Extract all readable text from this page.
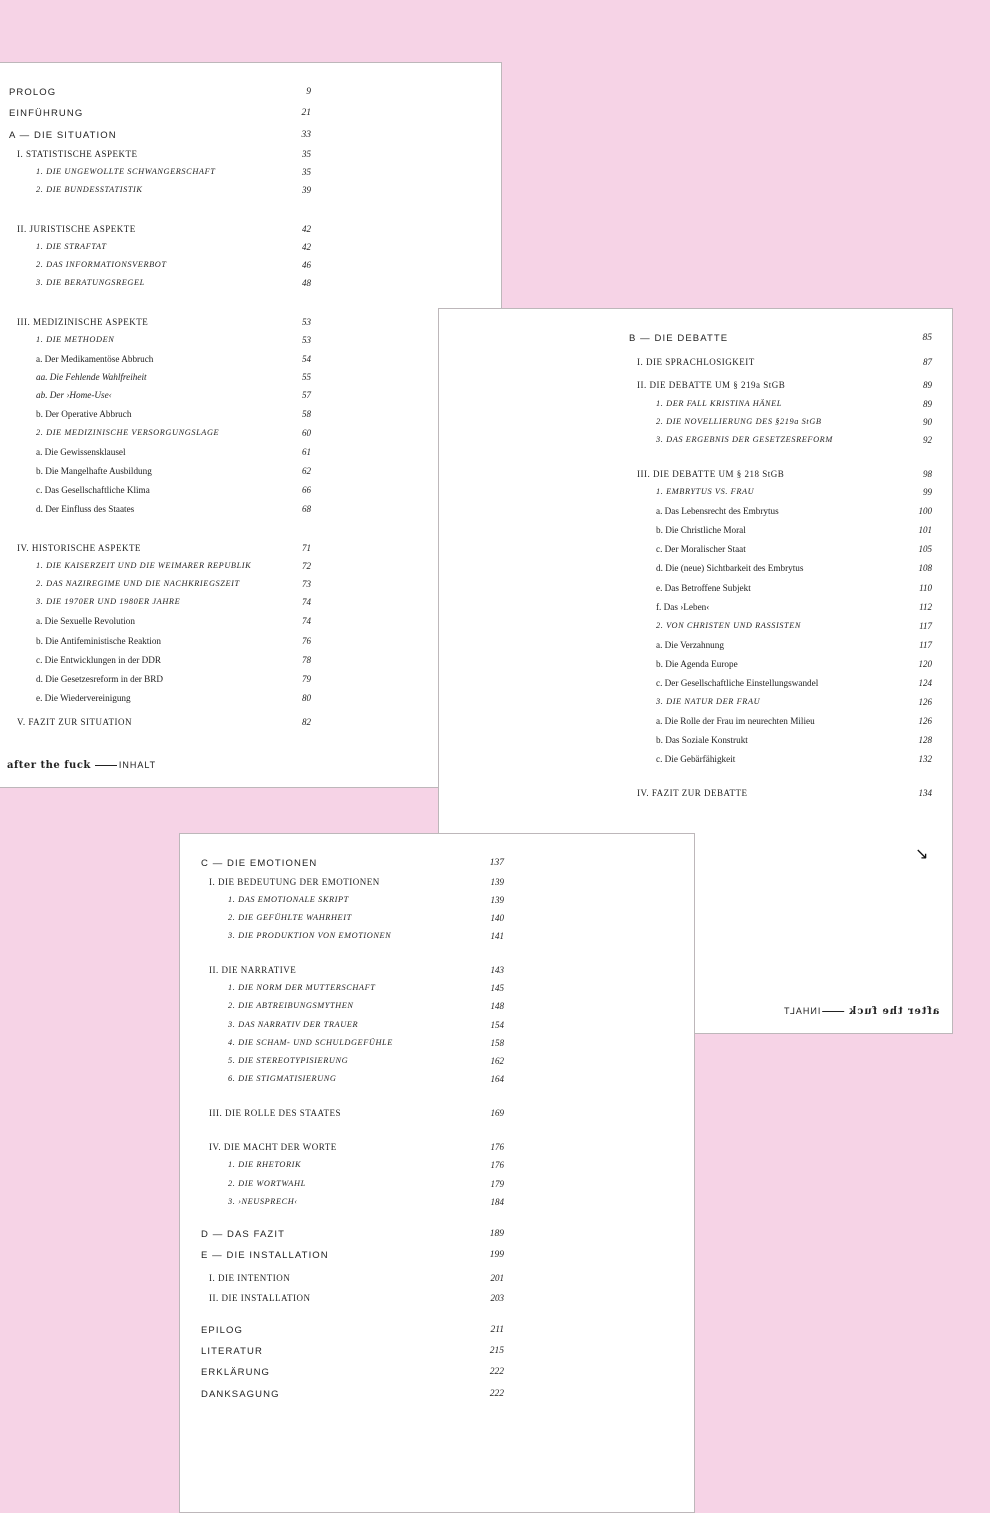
PROLOG	9
EINFÜHRUNG	21
A — DIE SITUATION	33
I. STATISTISCHE ASPEKTE	35
1. DIE UNGEWOLLTE SCHWANGERSCHAFT	35
2. DIE BUNDESSTATISTIK	39
II. JURISTISCHE ASPEKTE	42
1. DIE STRAFTAT	42
2. DAS INFORMATIONSVERBOT	46
3. DIE BERATUNGSREGEL	48
III. MEDIZINISCHE ASPEKTE	53
1. DIE METHODEN	53
a. Der Medikamentöse Abbruch	54
aa. Die Fehlende Wahlfreiheit	55
ab. Der ›Home-Use‹	57
b. Der Operative Abbruch	58
2. DIE MEDIZINISCHE VERSORGUNGSLAGE	60
a. Die Gewissensklausel	61
b. Die Mangelhafte Ausbildung	62
c. Das Gesellschaftliche Klima	66
d. Der Einfluss des Staates	68
IV. HISTORISCHE ASPEKTE	71
1. DIE KAISERZEIT UND DIE WEIMARER REPUBLIK	72
2. DAS NAZIREGIME UND DIE NACHKRIEGSZEIT	73
3. DIE 1970ER UND 1980ER JAHRE	74
a. Die Sexuelle Revolution	74
b. Die Antifeministische Reaktion	76
c. Die Entwicklungen in der DDR	78
d. Die Gesetzesreform in der BRD	79
e. Die Wiedervereinigung	80
V. FAZIT ZUR SITUATION	82
after the fuck	INHALT
B — DIE DEBATTE	85
I. DIE SPRACHLOSIGKEIT	87
II. DIE DEBATTE UM § 219a StGB	89
1. DER FALL KRISTINA HÄNEL	89
2. DIE NOVELLIERUNG DES §219a StGB	90
3. DAS ERGEBNIS DER GESETZESREFORM	92
III. DIE DEBATTE UM § 218 StGB	98
1. EMBRYTUS VS. FRAU	99
a. Das Lebensrecht des Embrytus	100
b. Die Christliche Moral	101
c. Der Moralischer Staat	105
d. Die (neue) Sichtbarkeit des Embrytus	108
e. Das Betroffene Subjekt	110
f. Das ›Leben‹	112
2. VON CHRISTEN UND RASSISTEN	117
a. Die Verzahnung	117
b. Die Agenda Europe	120
c. Der Gesellschaftliche Einstellungswandel	124
3. DIE NATUR DER FRAU	126
a. Die Rolle der Frau im neurechten Milieu	126
b. Das Soziale Konstrukt	128
c. Die Gebärfähigkeit	132
IV. FAZIT ZUR DEBATTE	134
↘
after the fuckINHALT
C — DIE EMOTIONEN	137
I. DIE BEDEUTUNG DER EMOTIONEN	139
1. DAS EMOTIONALE SKRIPT	139
2. DIE GEFÜHLTE WAHRHEIT	140
3. DIE PRODUKTION VON EMOTIONEN	141
II. DIE NARRATIVE	143
1. DIE NORM DER MUTTERSCHAFT	145
2. DIE ABTREIBUNGSMYTHEN	148
3. DAS NARRATIV DER TRAUER	154
4. DIE SCHAM- UND SCHULDGEFÜHLE	158
5. DIE STEREOTYPISIERUNG	162
6. DIE STIGMATISIERUNG	164
III. DIE ROLLE DES STAATES	169
IV. DIE MACHT DER WORTE	176
1. DIE RHETORIK	176
2. DIE WORTWAHL	179
3. ›NEUSPRECH‹	184
D — DAS FAZIT	189
E — DIE INSTALLATION	199
I. DIE INTENTION	201
II. DIE INSTALLATION	203
EPILOG	211
LITERATUR	215
ERKLÄRUNG	222
DANKSAGUNG	222
